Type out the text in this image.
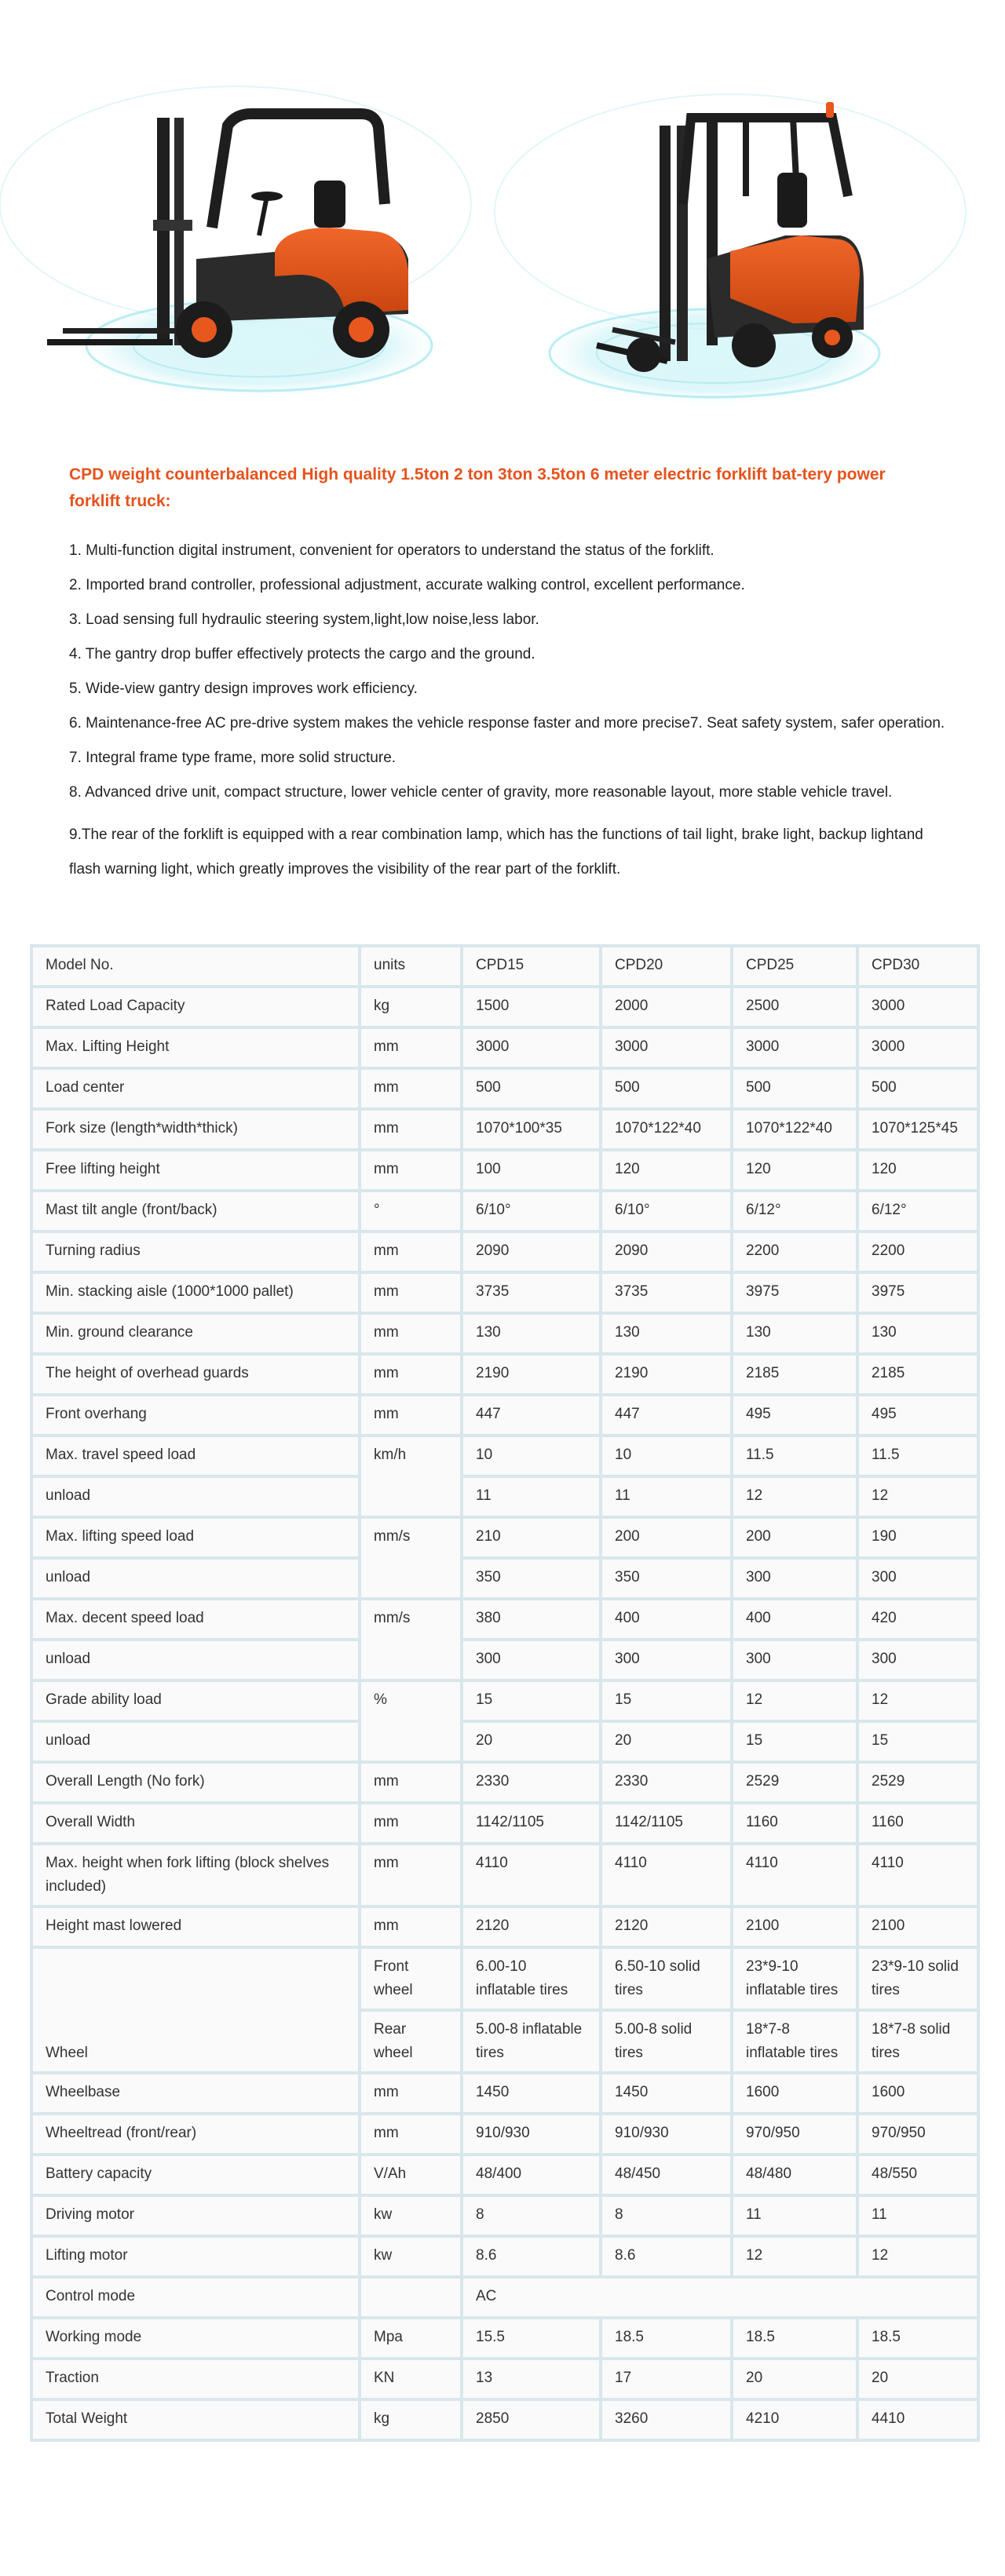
CPD weight counterbalanced High quality 1.5ton 2 ton 3ton 3.5ton 6 meter electric forklift bat-tery power forklift truck:

1. Multi-function digital instrument, convenient for operators to understand the status of the forklift.

2. Imported brand controller, professional adjustment, accurate walking control, excellent performance.

3. Load sensing full hydraulic steering system,light,low noise,less labor.

4. The gantry drop buffer effectively protects the cargo and the ground.

5. Wide-view gantry design improves work efficiency.

6. Maintenance-free AC pre-drive system makes the vehicle response faster and more precise7. Seat safety system, safer operation.

7. Integral frame type frame, more solid structure.

8. Advanced drive unit, compact structure, lower vehicle center of gravity, more reasonable layout, more stable vehicle travel.

9.The rear of the forklift is equipped with a rear combination lamp, which has the functions of tail light, brake light, backup lightand flash warning light, which greatly improves the visibility of the rear part of the forklift.

Model No.	units	CPD15	CPD20	CPD25	CPD30
Rated Load Capacity	kg	1500	2000	2500	3000
Max. Lifting Height	mm	3000	3000	3000	3000
Load center	mm	500	500	500	500
Fork size (length*width*thick)	mm	1070*100*35	1070*122*40	1070*122*40	1070*125*45
Free lifting height	mm	100	120	120	120
Mast tilt angle (front/back)	°	6/10°	6/10°	6/12°	6/12°
Turning radius	mm	2090	2090	2200	2200
Min. stacking aisle (1000*1000 pallet)	mm	3735	3735	3975	3975
Min. ground clearance	mm	130	130	130	130
The height of overhead guards	mm	2190	2190	2185	2185
Front overhang	mm	447	447	495	495
Max. travel speed load	km/h	10	10	11.5	11.5
unload		11	11	12	12
Max. lifting speed load	mm/s	210	200	200	190
unload		350	350	300	300
Max. decent speed load	mm/s	380	400	400	420
unload		300	300	300	300
Grade ability load	%	15	15	12	12
unload		20	20	15	15
Overall Length (No fork)	mm	2330	2330	2529	2529
Overall Width	mm	1142/1105	1142/1105	1160	1160
Max. height when fork lifting (block shelves included)	mm	4110	4110	4110	4110
Height mast lowered	mm	2120	2120	2100	2100
Wheel	Front wheel	6.00-10 inflatable tires	6.50-10 solid tires	23*9-10 inflatable tires	23*9-10 solid tires
	Rear wheel	5.00-8 inflatable tires	5.00-8 solid tires	18*7-8 inflatable tires	18*7-8 solid tires
Wheelbase	mm	1450	1450	1600	1600
Wheeltread (front/rear)	mm	910/930	910/930	970/950	970/950
Battery capacity	V/Ah	48/400	48/450	48/480	48/550
Driving motor	kw	8	8	11	11
Lifting motor	kw	8.6	8.6	12	12
Control mode		AC			
Working mode	Mpa	15.5	18.5	18.5	18.5
Traction	KN	13	17	20	20
Total Weight	kg	2850	3260	4210	4410
